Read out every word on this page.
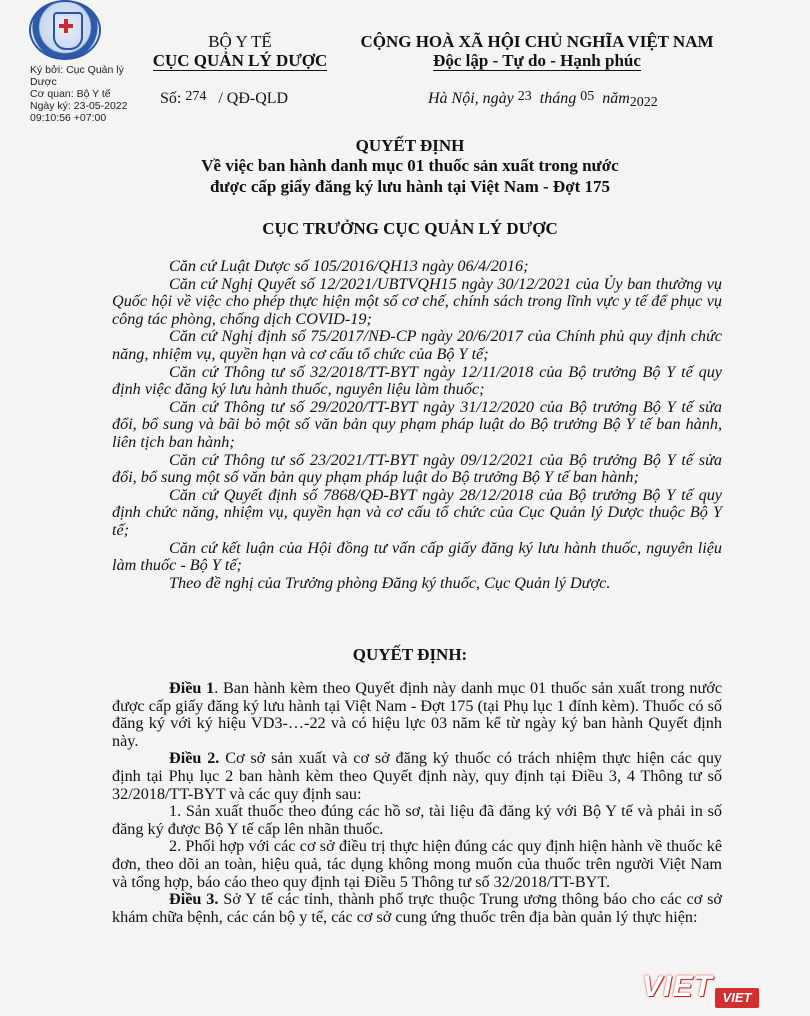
Ký bởi: Cục Quản lý
Dược
Cơ quan: Bộ Y tế
Ngày ký: 23-05-2022
09:10:56 +07:00
BỘ Y TẾ
CỤC QUẢN LÝ DƯỢC
CỘNG HOÀ XÃ HỘI CHỦ NGHĨA VIỆT NAM
Độc lập - Tự do - Hạnh phúc
Số: 274 / QĐ-QLD	Hà Nội, ngày 23 tháng 05 năm2022
QUYẾT ĐỊNH
Về việc ban hành danh mục 01 thuốc sản xuất trong nước
được cấp giấy đăng ký lưu hành tại Việt Nam - Đợt 175
CỤC TRƯỞNG CỤC QUẢN LÝ DƯỢC
Căn cứ Luật Dược số 105/2016/QH13 ngày 06/4/2016;
Căn cứ Nghị Quyết số 12/2021/UBTVQH15 ngày 30/12/2021 của Ủy ban thường vụ Quốc hội về việc cho phép thực hiện một số cơ chế, chính sách trong lĩnh vực y tế để phục vụ công tác phòng, chống dịch COVID-19;
Căn cứ Nghị định số 75/2017/NĐ-CP ngày 20/6/2017 của Chính phủ quy định chức năng, nhiệm vụ, quyền hạn và cơ cấu tổ chức của Bộ Y tế;
Căn cứ Thông tư số 32/2018/TT-BYT ngày 12/11/2018 của Bộ trưởng Bộ Y tế quy định việc đăng ký lưu hành thuốc, nguyên liệu làm thuốc;
Căn cứ Thông tư số 29/2020/TT-BYT ngày 31/12/2020 của Bộ trưởng Bộ Y tế sửa đổi, bổ sung và bãi bỏ một số văn bản quy phạm pháp luật do Bộ trưởng Bộ Y tế ban hành, liên tịch ban hành;
Căn cứ Thông tư số 23/2021/TT-BYT ngày 09/12/2021 của Bộ trưởng Bộ Y tế sửa đổi, bổ sung một số văn bản quy phạm pháp luật do Bộ trưởng Bộ Y tế ban hành;
Căn cứ Quyết định số 7868/QĐ-BYT ngày 28/12/2018 của Bộ trưởng Bộ Y tế quy định chức năng, nhiệm vụ, quyền hạn và cơ cấu tổ chức của Cục Quản lý Dược thuộc Bộ Y tế;
Căn cứ kết luận của Hội đồng tư vấn cấp giấy đăng ký lưu hành thuốc, nguyên liệu làm thuốc - Bộ Y tế;
Theo đề nghị của Trưởng phòng Đăng ký thuốc, Cục Quản lý Dược.
QUYẾT ĐỊNH:
Điều 1. Ban hành kèm theo Quyết định này danh mục 01 thuốc sản xuất trong nước được cấp giấy đăng ký lưu hành tại Việt Nam - Đợt 175 (tại Phụ lục 1 đính kèm). Thuốc có số đăng ký với ký hiệu VD3-…-22 và có hiệu lực 03 năm kể từ ngày ký ban hành Quyết định này.
Điều 2. Cơ sở sản xuất và cơ sở đăng ký thuốc có trách nhiệm thực hiện các quy định tại Phụ lục 2 ban hành kèm theo Quyết định này, quy định tại Điều 3, 4 Thông tư số 32/2018/TT-BYT và các quy định sau:
1. Sản xuất thuốc theo đúng các hồ sơ, tài liệu đã đăng ký với Bộ Y tế và phải in số đăng ký được Bộ Y tế cấp lên nhãn thuốc.
2. Phối hợp với các cơ sở điều trị thực hiện đúng các quy định hiện hành về thuốc kê đơn, theo dõi an toàn, hiệu quả, tác dụng không mong muốn của thuốc trên người Việt Nam và tổng hợp, báo cáo theo quy định tại Điều 5 Thông tư số 32/2018/TT-BYT.
Điều 3. Sở Y tế các tỉnh, thành phố trực thuộc Trung ương thông báo cho các cơ sở khám chữa bệnh, các cán bộ y tế, các cơ sở cung ứng thuốc trên địa bàn quản lý thực hiện:
VIET VIET
